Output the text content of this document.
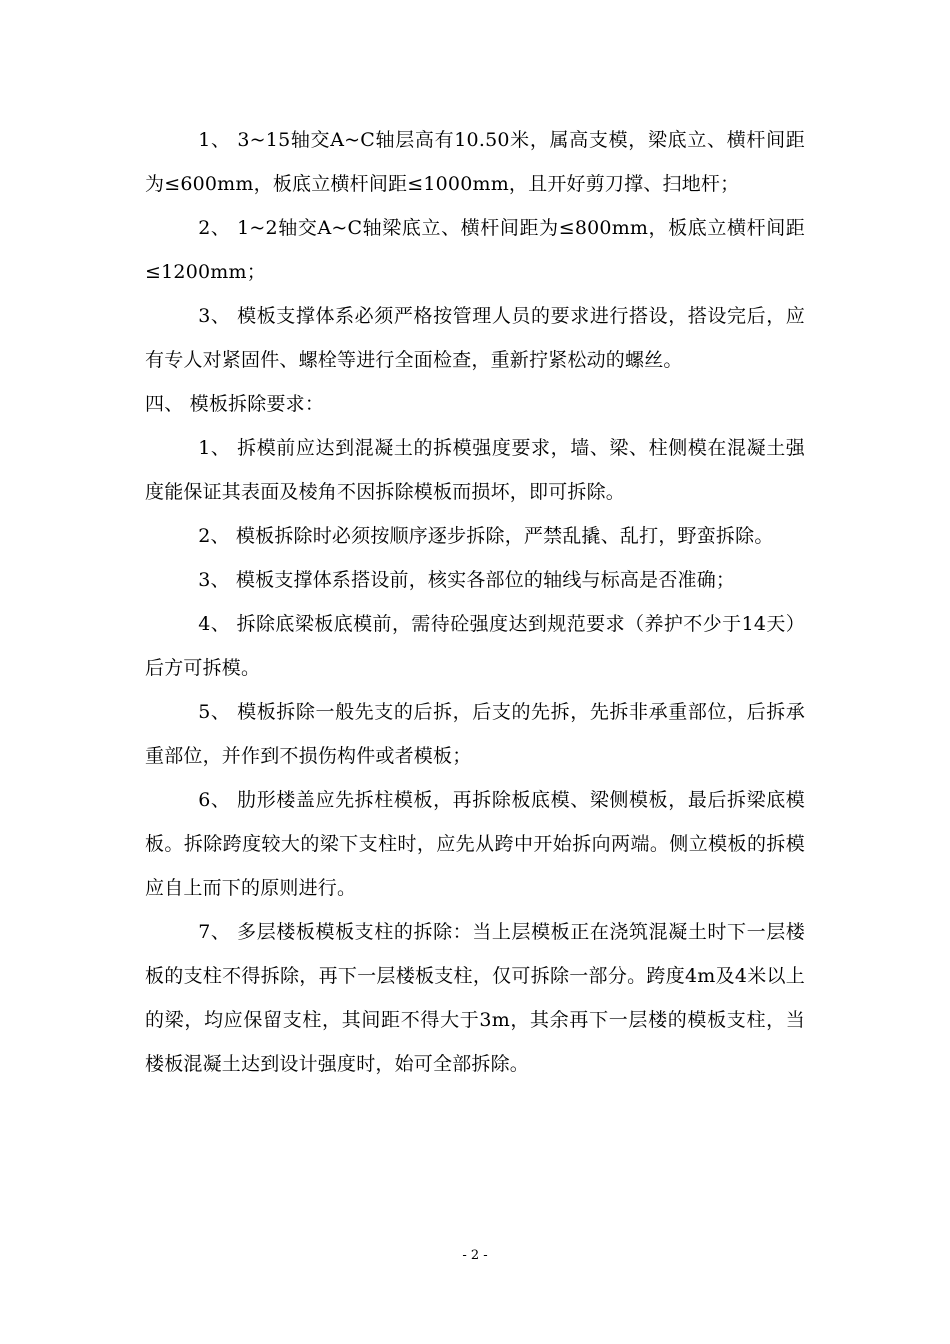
1、 3~15轴交A~C轴层高有10.50米，属高支模，梁底立、横杆间距为≤600mm，板底立横杆间距≤1000mm，且开好剪刀撑、扫地杆；

2、 1~2轴交A~C轴梁底立、横杆间距为≤800mm，板底立横杆间距≤1200mm；

3、 模板支撑体系必须严格按管理人员的要求进行搭设，搭设完后，应有专人对紧固件、螺栓等进行全面检查，重新拧紧松动的螺丝。

四、 模板拆除要求：

1、 拆模前应达到混凝土的拆模强度要求，墙、梁、柱侧模在混凝土强度能保证其表面及棱角不因拆除模板而损坏，即可拆除。

2、 模板拆除时必须按顺序逐步拆除，严禁乱撬、乱打，野蛮拆除。

3、 模板支撑体系搭设前，核实各部位的轴线与标高是否准确；

4、 拆除底梁板底模前，需待砼强度达到规范要求（养护不少于14天）后方可拆模。

5、 模板拆除一般先支的后拆，后支的先拆，先拆非承重部位，后拆承重部位，并作到不损伤构件或者模板；

6、 肋形楼盖应先拆柱模板，再拆除板底模、梁侧模板，最后拆梁底模板。拆除跨度较大的梁下支柱时，应先从跨中开始拆向两端。侧立模板的拆模应自上而下的原则进行。

7、 多层楼板模板支柱的拆除：当上层模板正在浇筑混凝土时下一层楼板的支柱不得拆除，再下一层楼板支柱，仅可拆除一部分。跨度4m及4米以上的梁，均应保留支柱，其间距不得大于3m，其余再下一层楼的模板支柱，当楼板混凝土达到设计强度时，始可全部拆除。

- 2 -
